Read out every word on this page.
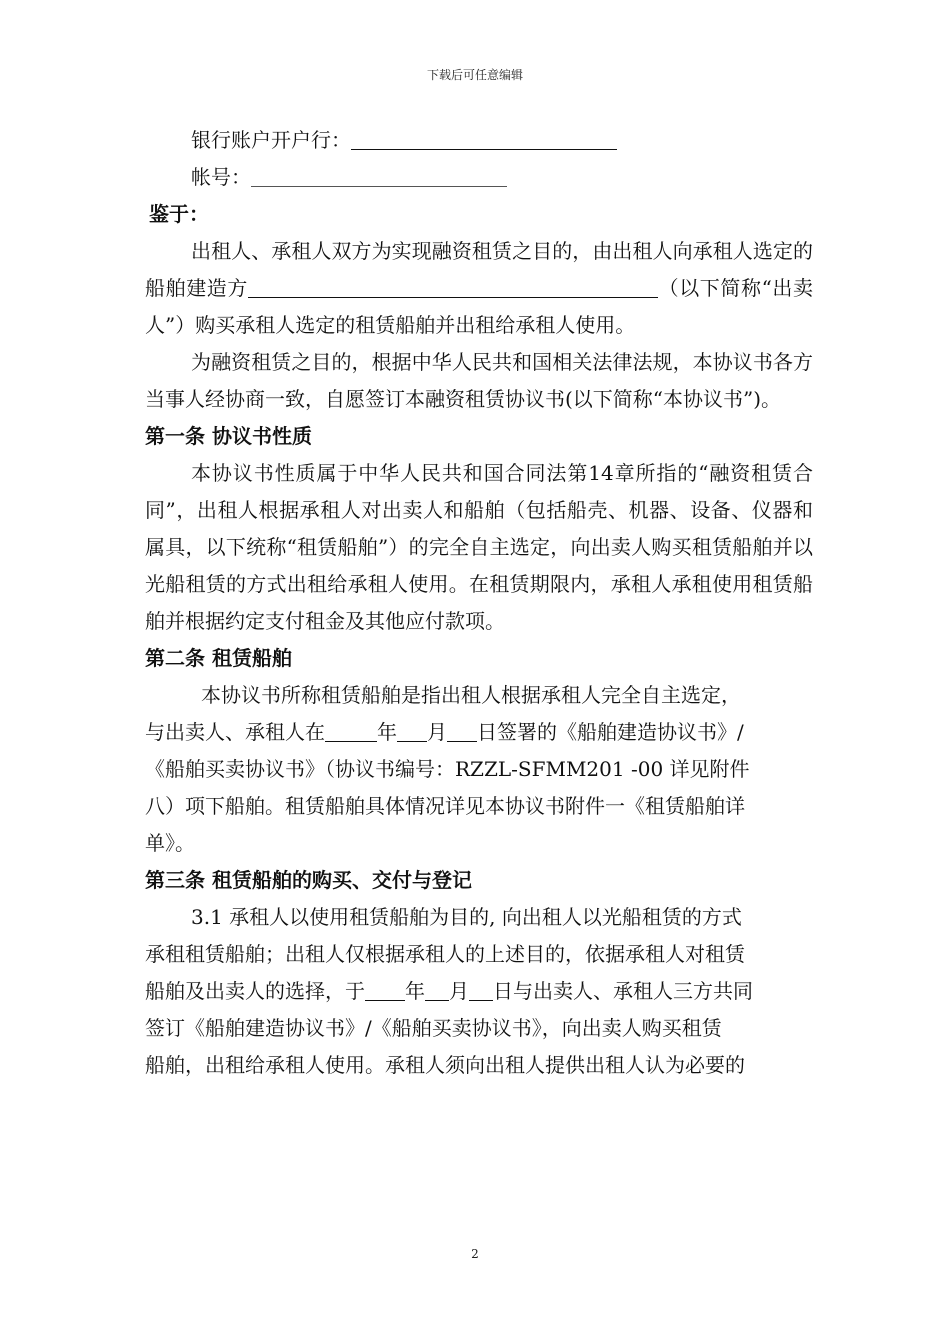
下载后可任意编辑
银行账户开户行：
帐号：
鉴于：

出租人、承租人双方为实现融资租赁之目的，由出租人向承租人选定的船舶建造方	（以下简称“出卖人”）购买承租人选定的租赁船舶并出租给承租人使用。

为融资租赁之目的，根据中华人民共和国相关法律法规，本协议书各方当事人经协商一致，自愿签订本融资租赁协议书(以下简称“本协议书”)。

第一条 协议书性质

本协议书性质属于中华人民共和国合同法第14章所指的“融资租赁合同”，出租人根据承租人对出卖人和船舶（包括船壳、机器、设备、仪器和属具，以下统称“租赁船舶”）的完全自主选定，向出卖人购买租赁船舶并以光船租赁的方式出租给承租人使用。在租赁期限内，承租人承租使用租赁船舶并根据约定支付租金及其他应付款项。

第二条 租赁船舶
本协议书所称租赁船舶是指出租人根据承租人完全自主选定，
与出卖人、承租人在	年 月 日签署的《船舶建造协议书》/
《船舶买卖协议书》（协议书编号：RZZL-SFMM201 -00 详见附件
八）项下船舶。租赁船舶具体情况详见本协议书附件一《租赁船舶详
单》。
第三条 租赁船舶的购买、交付与登记
3.1 承租人以使用租赁船舶为目的, 向出租人以光船租赁的方式
承租租赁船舶；出租人仅根据承租人的上述目的，依据承租人对租赁
船舶及出卖人的选择，于 年 月 日与出卖人、承租人三方共同
签订《船舶建造协议书》/《船舶买卖协议书》，向出卖人购买租赁
船舶，出租给承租人使用。承租人须向出租人提供出租人认为必要的
2
